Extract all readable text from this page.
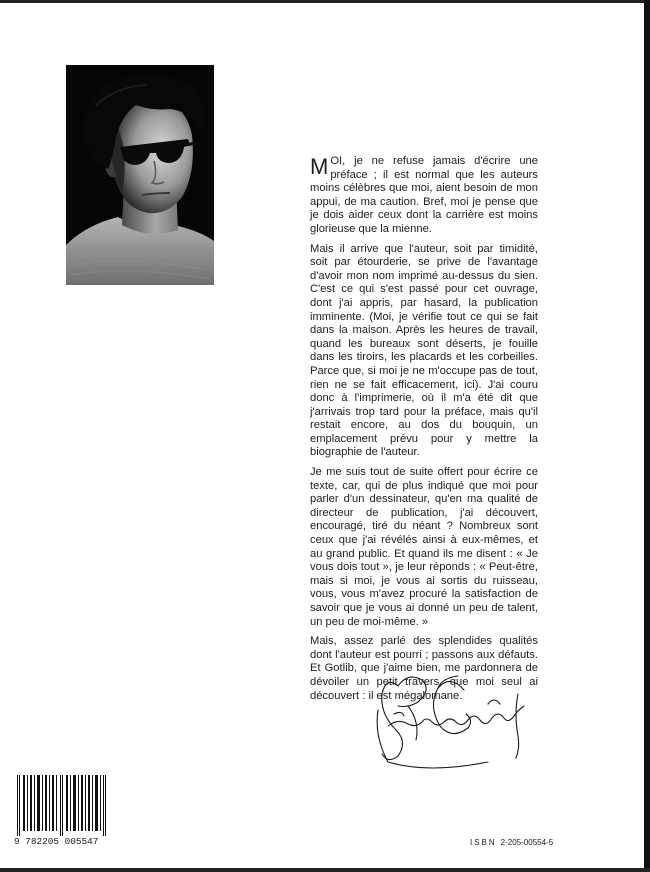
MOI, je ne refuse jamais d'écrire une préface ; il est normal que les auteurs moins célèbres que moi, aient besoin de mon appui, de ma caution. Bref, moi je pense que je dois aider ceux dont la carrière est moins glorieuse que la mienne.

Mais il arrive que l'auteur, soit par timidité, soit par étourderie, se prive de l'avantage d'avoir mon nom imprimé au-dessus du sien. C'est ce qui s'est passé pour cet ouvrage, dont j'ai appris, par hasard, la publication imminente. (Moi, je vérifie tout ce qui se fait dans la maison. Après les heures de travail, quand les bureaux sont déserts, je fouille dans les tiroirs, les placards et les corbeilles. Parce que, si moi je ne m'occupe pas de tout, rien ne se fait efficacement, ici). J'ai couru donc à l'imprimerie, où il m'a été dit que j'arrivais trop tard pour la préface, mais qu'il restait encore, au dos du bouquin, un emplacement prévu pour y mettre la biographie de l'auteur.

Je me suis tout de suite offert pour écrire ce texte, car, qui de plus indiqué que moi pour parler d'un dessinateur, qu'en ma qualité de directeur de publication, j'ai découvert, encouragé, tiré du néant ? Nombreux sont ceux que j'ai révélés ainsi à eux-mêmes, et au grand public. Et quand ils me disent : « Je vous dois tout », je leur réponds : « Peut-être, mais si moi, je vous ai sortis du ruisseau, vous, vous m'avez procuré la satisfaction de savoir que je vous ai donné un peu de talent, un peu de moi-même. »

Mais, assez parlé des splendides qualités dont l'auteur est pourri ; passons aux défauts. Et Gotlib, que j'aime bien, me pardonnera de dévoiler un petit travers, que moi seul ai découvert : il est mégalomane.

9 782205 005547	ISBN 2-205-00554-5
